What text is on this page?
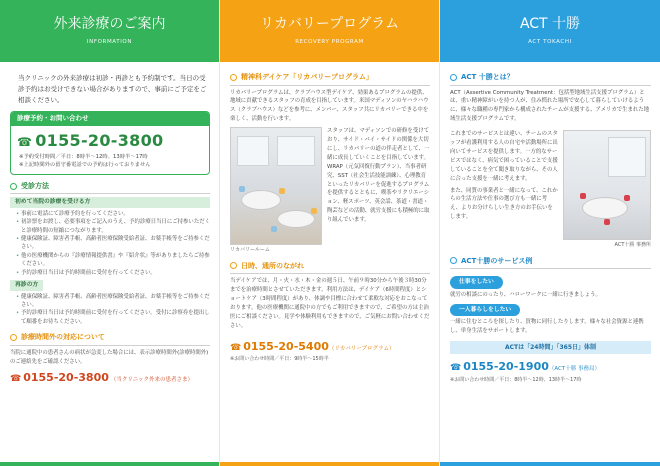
外来診療のご案内
INFORMATION
当クリニックの外来診療は初診・再診とも予約制です。当日の受診予約はお受けできない場合がありますので、事前にご予定をご相談ください。
診療予約・お問い合わせ
☎ 0155-20-3800
※予約受付時間／平日：8時半〜12時、13時半〜17時
※上記時間外の留守番電話での予約は行っておりません
受診方法
初めて当院の診療を受ける方
• 事前に電話にて診療予約を行ってください。
• 初診票をお渡し、必要事項をご記入のうえ、予約診療日当日にご持参いただくと診療時間の短縮につながります。
• 健康保険証、障害者手帳、高齢者医療保険受給者証、お薬手帳等をご持参ください。
• 他の医療機関からの『診療情報提供書』や『紹介状』等がありましたらご持参ください。
• 予約診療日当日は予約時間前に受付を行ってください。
再診の方
• 健康保険証、障害者手帳、高齢者医療保険受給者証、お薬手帳等をご持参ください。
• 予約診療日当日は予約時間前に受付を行ってください。受付に診察券を提出して順番をお待ちください。
診療時間外の対応について
当院に通院中の患者さんの病状が急変した場合には、表示診療時間外(診療時間外)のご連絡先をご確認ください。
☎ 0155-20-3800 （当クリニック外来の患者さま）
リカバリープログラム
RECOVERY PROGRAM
精神科デイケア「リカバリープログラム」
リカバリープログラムは、クラブハウス型デイケア、効果あるプログラムの提供、地域に貢献できるスタッフの育成を目指しています。米国マディソンのヤハラハウス（クラブハウス）などを参考に、メンバー、スタッフ共にリカバリーできる中を楽しく、活動を行います。
リカバリールーム
スタッフは、マディソンでの研修を受けており、サイド・バイ・サイドの関係を大切にし、リカバリーの道の伴走者として、一緒に成長していくことを目指しています。WRAP（元気回復行動プラン）、当事者研究、SST（社会生活技能訓練）、心理教育といったリカバリーを促進するプログラムを提供するとともに、喫茶やリクリエーション、軽スポーツ、英会話、茶道・書道・陶芸などの活動、就労支援にも積極的に取り組んでいます。
日時、通所のながれ
当デイケアでは、月・火・水・木・金の週５日、午前９時30分から午後３時30分までを治療時間とさせていただきます。利用方法は、デイケア（6時間程度）とショートケア（3時間程度）があり、体調や目標に合わせて柔軟な対応をおこなっております。他の医療機関に通院中の方でもご利用できますので、ご希望の方は主治医にご相談ください。見学や体験利用もできますので、ご気軽にお問い合わせください。
☎ 0155-20-5400（リカバリープログラム）
※お問い合わせ時間／平日：9時半〜15時半
ACT 十勝
ACT TOKACHI
ACT 十勝とは？
ACT（Assertive Community Treatment：包括型地域生活支援プログラム）とは、重い精神障がいを持つ人が、住み慣れた場所で安心して暮らしていけるように、様々な職種の専門家から構成されたチームが支援する、アメリカで生まれた地域生活支援プログラムです。
これまでのサービスとは違い、チームのスタッフが看護利用する人の自宅や活動場所に出向いてサービスを提供します。一方的なサービスではなく、病気で困っていることで支援していることを全て聞き取りながら、その人に合った支援を一緒に考えます。
また、同質の事業者と一緒になって、これからの生活方法や仕事の選び方も一緒に考え、よりお分けらしい生き方のお手伝いをします。
ACT十勝 事務所
ACT十勝のサービス例
仕事をしたい
就労の相談にのったり、ハローワークに一緒に行きましょう。
一人暮らしをしたい
一緒に住むところを探したり、買物に同行したりします。様々な社会資源と連携し、単身生活をサポートします。
ACTは「24時間」「365日」体制
☎ 0155-20-1900（ACT十勝 事務局）
※お問い合わせ時間／平日：8時半〜12時、13時半〜17時
